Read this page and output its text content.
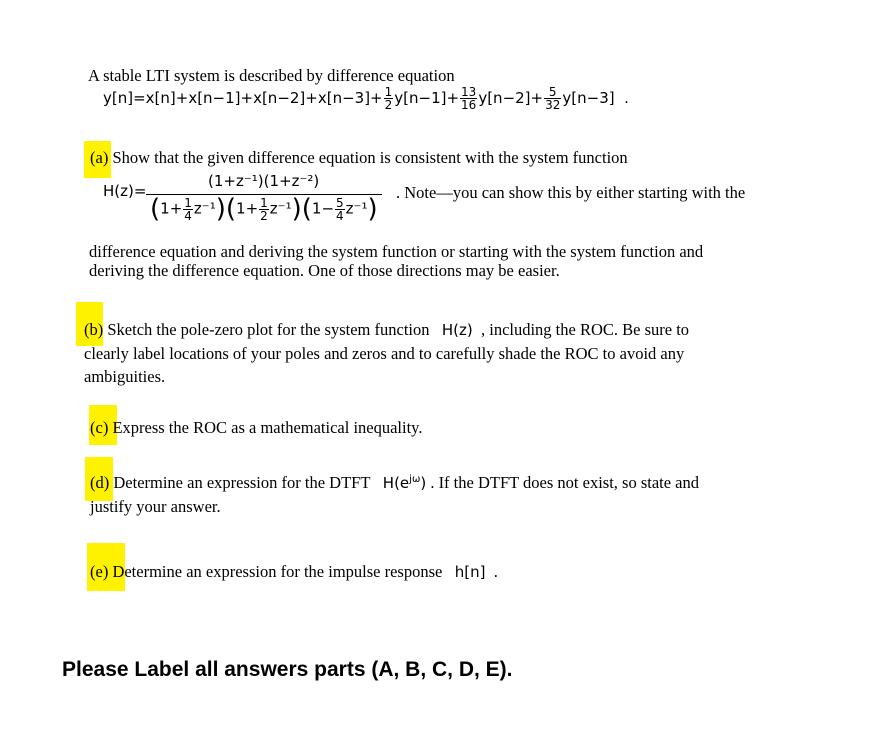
A stable LTI system is described by difference equation
$y[n]=x[n]+x[n-1]+x[n-2]+x[n-3]+ \frac{1}{2} y[n-1]+ \frac{13}{16} y[n-2]+ \frac{5}{32} y[n-3]$ .
(a) Show that the given difference equation is consistent with the system function
H(z)=
(1+z⁻¹)(1+z⁻²)
$(1+ \frac{1}{4} z^{-1})(1+ \frac{1}{2} z^{-1})(1- \frac{5}{4} z^{-1})$
. Note—you can show this by either starting with the
difference equation and deriving the system function or starting with the system function and
deriving the difference equation. One of those directions may be easier.
(b) Sketch the pole-zero plot for the system function H(z) , including the ROC. Be sure to
clearly label locations of your poles and zeros and to carefully shade the ROC to avoid any
ambiguities.
(c) Express the ROC as a mathematical inequality.
(d) Determine an expression for the DTFT $H(e^{j\omega})$ . If the DTFT does not exist, so state and
justify your answer.
(e) Determine an expression for the impulse response h[n] .
Please Label all answers parts (A, B, C, D, E).
